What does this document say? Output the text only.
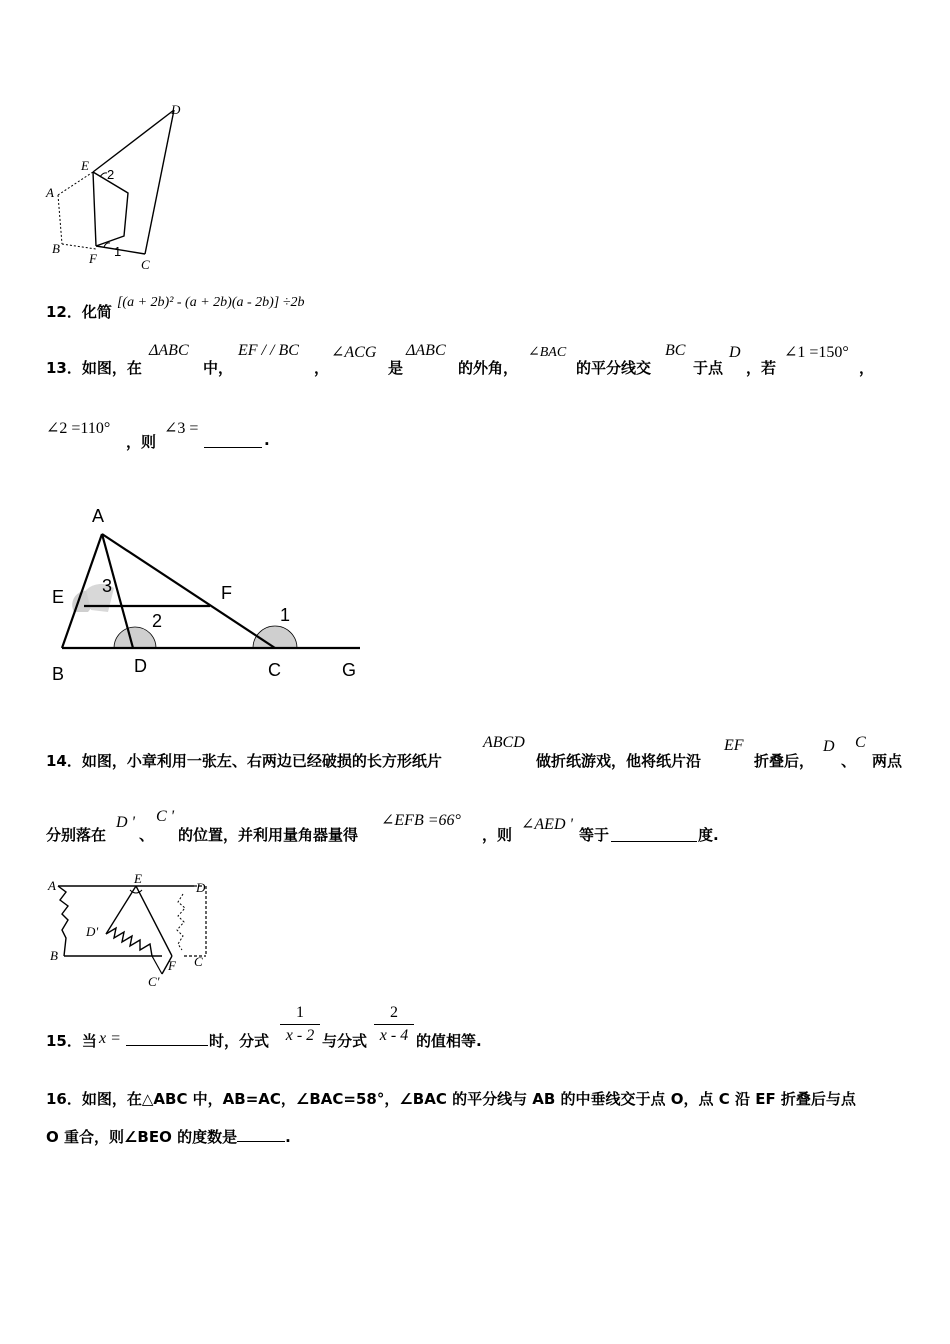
A
B
C
D
E
F 1
2
12．化简 [(a + 2b)² - (a + 2b)(a - 2b)] ÷2b
13．如图，在
ΔABC
中，
EF / / BC
，
∠ACG
是
ΔABC
的外角，
∠BAC
的平分线交
BC
于点
D
，若
∠1 =150°
，
∠2 =110°
，则
∠3 =
.
A
B	C
D
E	F
G
1
2
3
14．如图，小章利用一张左、右两边已经破损的长方形纸片
ABCD
做折纸游戏，他将纸片沿
EF
折叠后，
D
、
C
两点
分别落在
D '
、
C '
的位置，并利用量角器量得
∠EFB =66°
，则
∠AED '
等于	度.
A
B	C
D
E
F
D'
C'
15．当 x =	时，分式
1
x - 2 与分式
2
x - 4 的值相等.
16．如图，在△ABC 中，AB=AC，∠BAC=58°，∠BAC 的平分线与 AB 的中垂线交于点 O，点 C 沿 EF 折叠后与点
O 重合，则∠BEO 的度数是	.
